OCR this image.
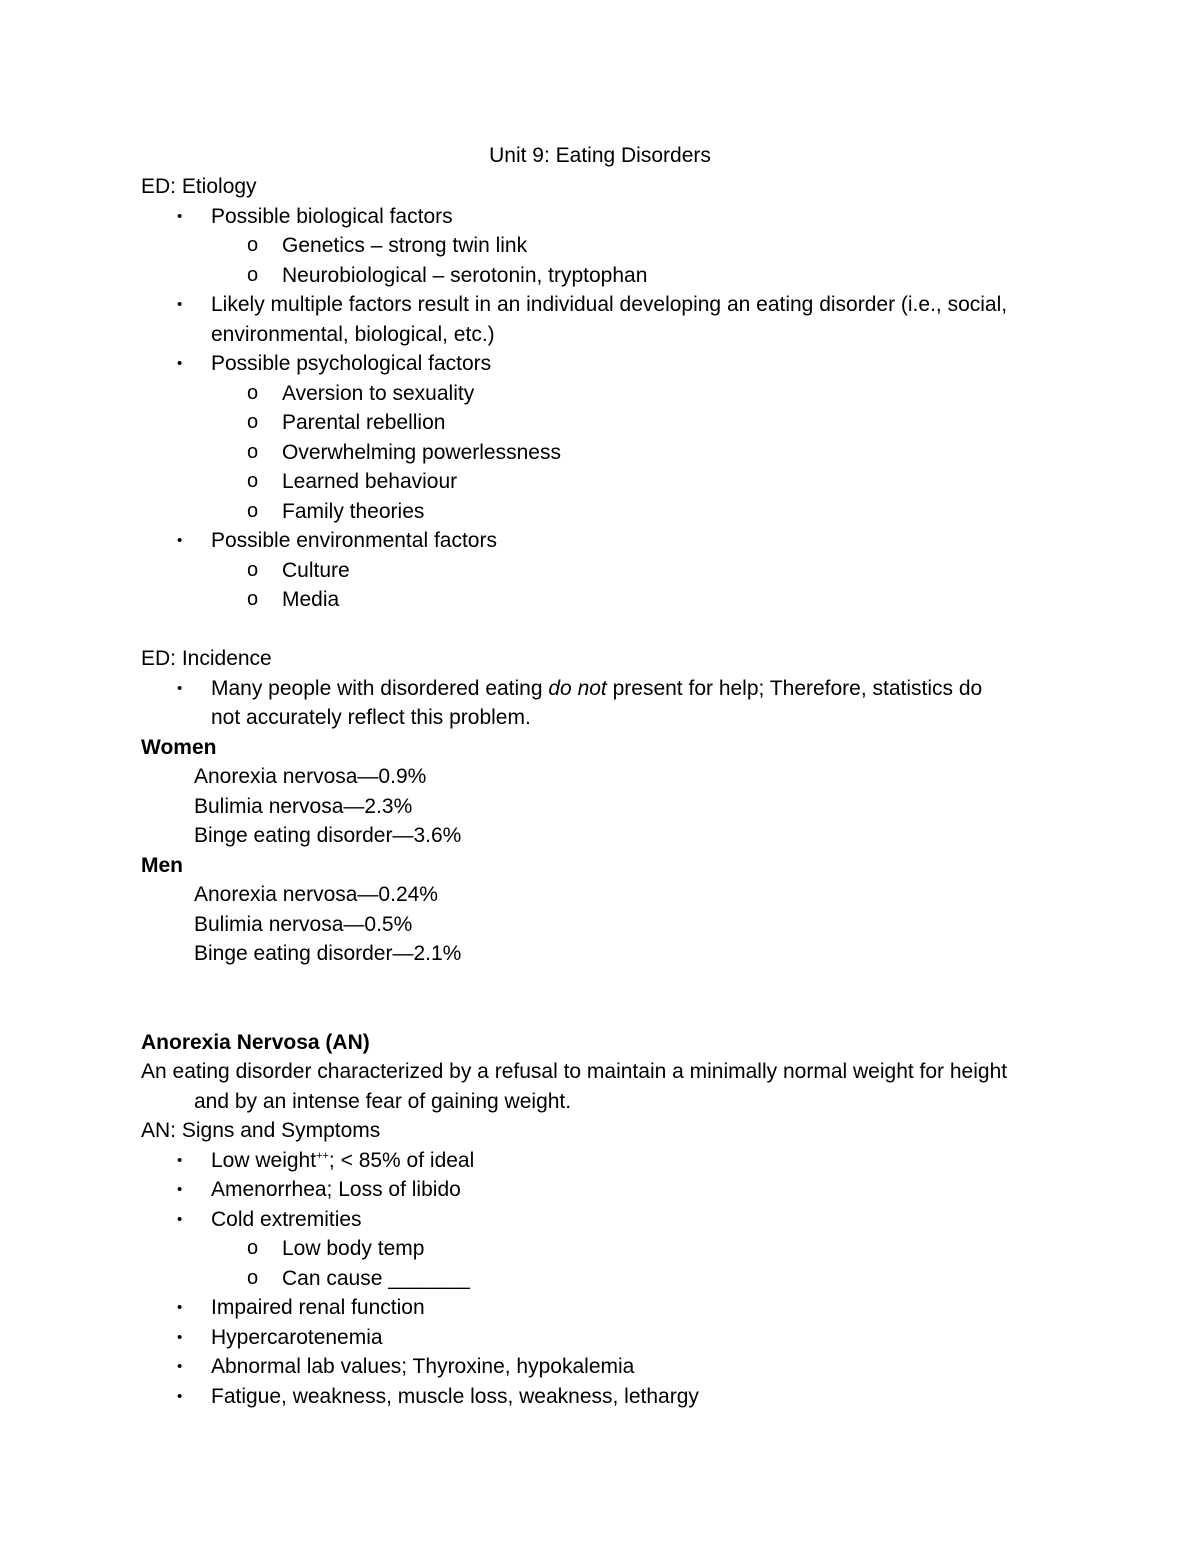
Unit 9: Eating Disorders
ED: Etiology
• Possible biological factors
o Genetics – strong twin link
o Neurobiological – serotonin, tryptophan
• Likely multiple factors result in an individual developing an eating disorder (i.e., social,
environmental, biological, etc.)
• Possible psychological factors
o Aversion to sexuality
o Parental rebellion
o Overwhelming powerlessness
o Learned behaviour
o Family theories
• Possible environmental factors
o Culture
o Media
ED: Incidence
• Many people with disordered eating do not present for help; Therefore, statistics do
not accurately reflect this problem.
Women
Anorexia nervosa—0.9%
Bulimia nervosa—2.3%
Binge eating disorder—3.6%
Men
Anorexia nervosa—0.24%
Bulimia nervosa—0.5%
Binge eating disorder—2.1%
Anorexia Nervosa (AN)
An eating disorder characterized by a refusal to maintain a minimally normal weight for height
and by an intense fear of gaining weight.
AN: Signs and Symptoms
• Low weight++; < 85% of ideal
• Amenorrhea; Loss of libido
• Cold extremities
o Low body temp
o Can cause _______
• Impaired renal function
• Hypercarotenemia
• Abnormal lab values; Thyroxine, hypokalemia
• Fatigue, weakness, muscle loss, weakness, lethargy
